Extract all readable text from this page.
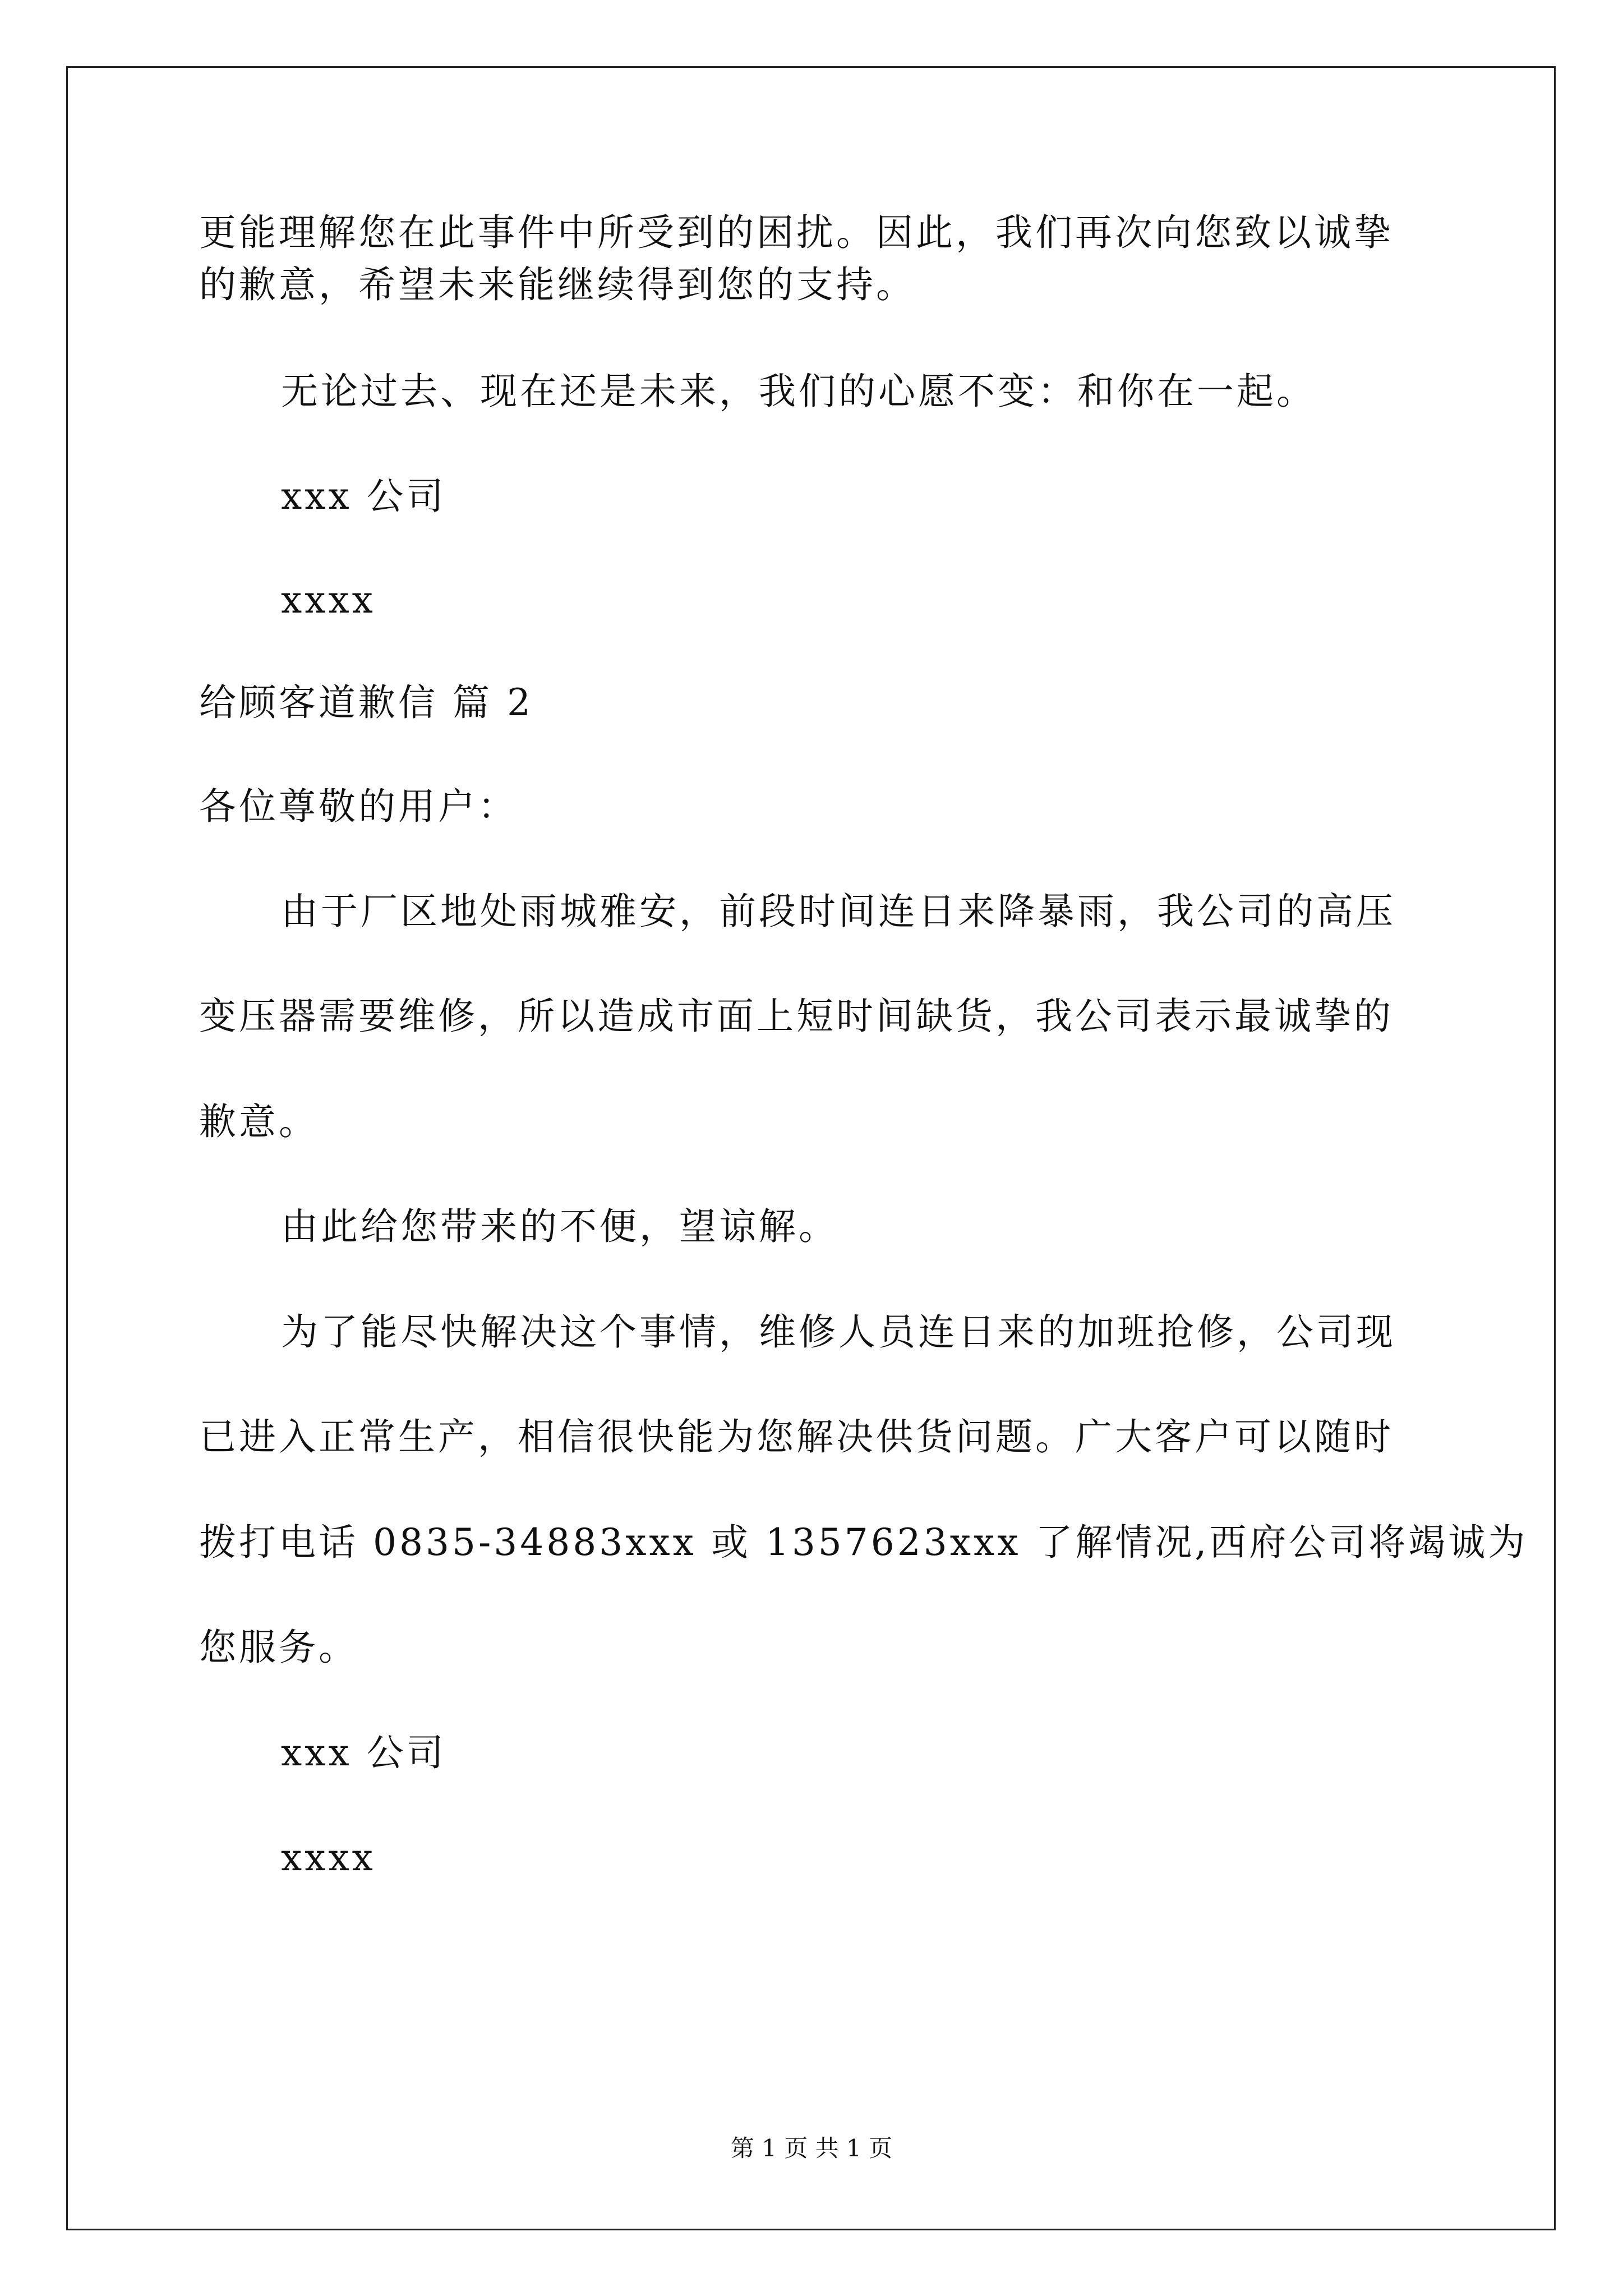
更能理解您在此事件中所受到的困扰。因此，我们再次向您致以诚挚
的歉意，希望未来能继续得到您的支持。
无论过去、现在还是未来，我们的心愿不变：和你在一起。
xxx 公司
xxxx
给顾客道歉信 篇 2
各位尊敬的用户：
由于厂区地处雨城雅安，前段时间连日来降暴雨，我公司的高压
变压器需要维修，所以造成市面上短时间缺货，我公司表示最诚挚的
歉意。
由此给您带来的不便，望谅解。
为了能尽快解决这个事情，维修人员连日来的加班抢修，公司现
已进入正常生产，相信很快能为您解决供货问题。广大客户可以随时
拨打电话 0835-34883xxx 或 1357623xxx 了解情况,西府公司将竭诚为
您服务。
xxx 公司
xxxx
第 1 页 共 1 页
